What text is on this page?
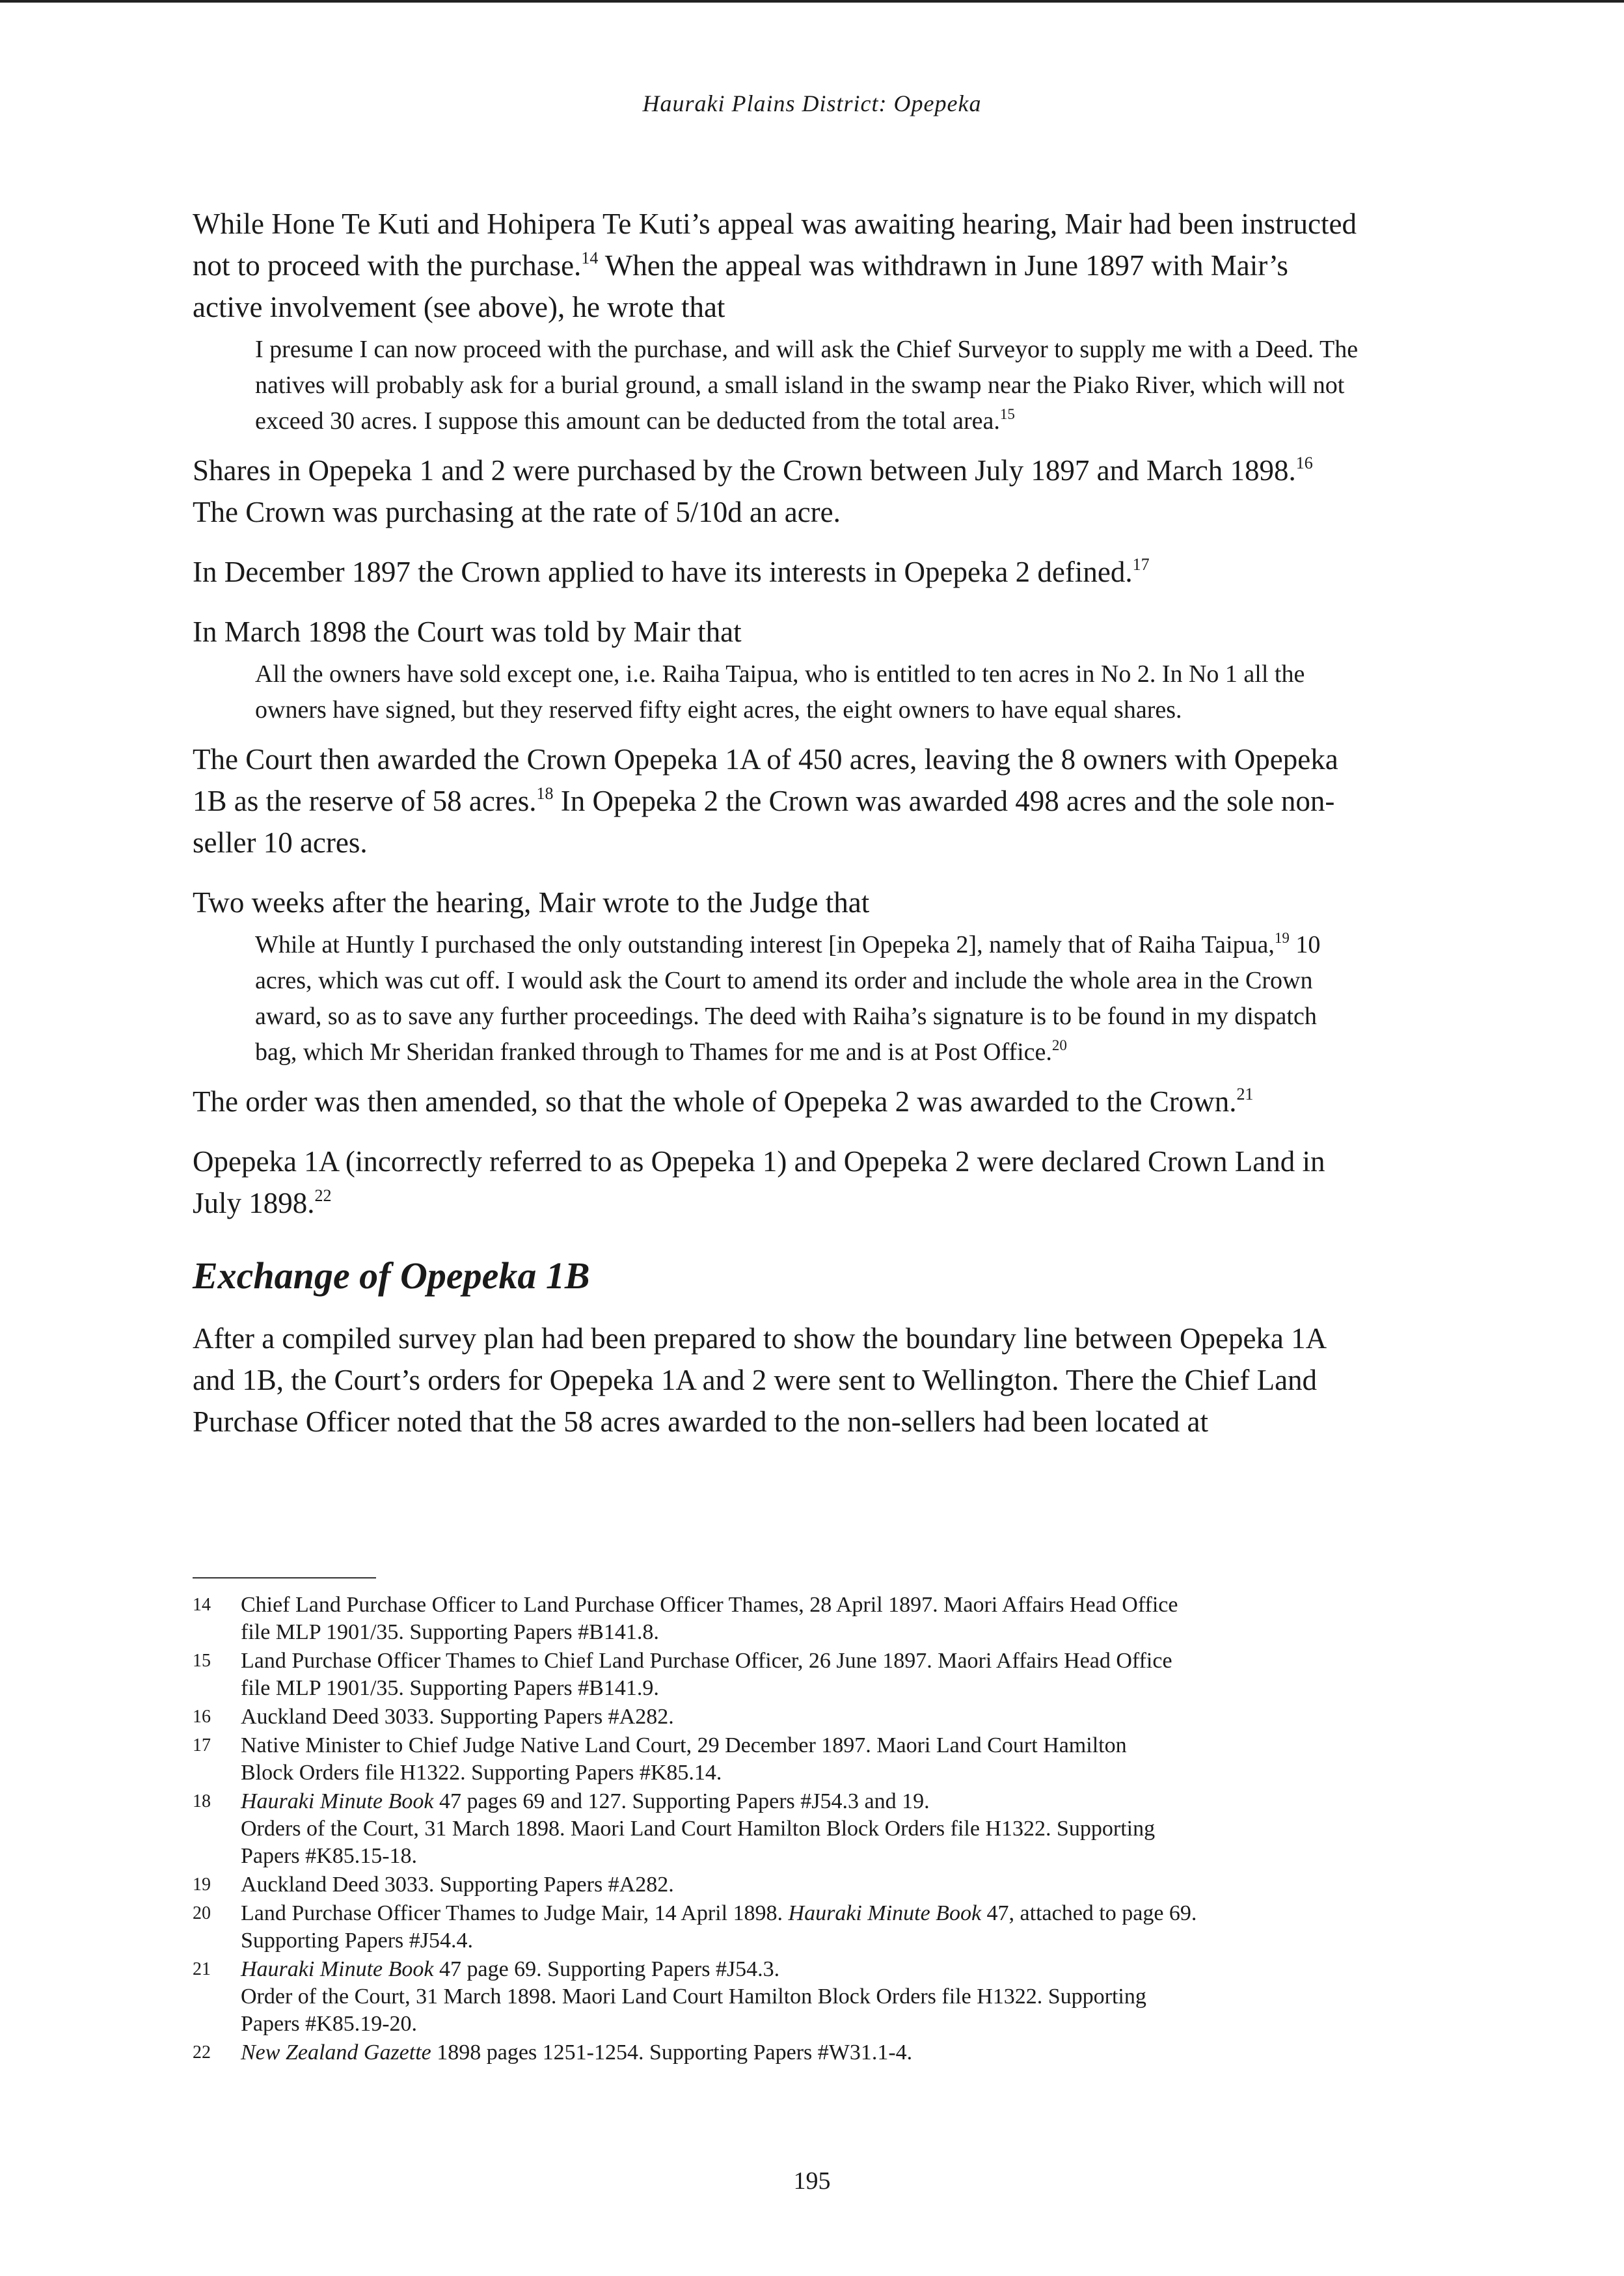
Hauraki Plains District: Opepeka

While Hone Te Kuti and Hohipera Te Kuti’s appeal was awaiting hearing, Mair had been instructed not to proceed with the purchase.$^{14}$ When the appeal was withdrawn in June 1897 with Mair’s active involvement (see above), he wrote that

I presume I can now proceed with the purchase, and will ask the Chief Surveyor to supply me with a Deed. The natives will probably ask for a burial ground, a small island in the swamp near the Piako River, which will not exceed 30 acres. I suppose this amount can be deducted from the total area.$^{15}$

Shares in Opepeka 1 and 2 were purchased by the Crown between July 1897 and March 1898.16 The Crown was purchasing at the rate of 5/10d an acre.

In December 1897 the Crown applied to have its interests in Opepeka 2 defined.$^{17}$

In March 1898 the Court was told by Mair that

All the owners have sold except one, i.e. Raiha Taipua, who is entitled to ten acres in No 2. In No 1 all the owners have signed, but they reserved fifty eight acres, the eight owners to have equal shares.

The Court then awarded the Crown Opepeka 1A of 450 acres, leaving the 8 owners with Opepeka 1B as the reserve of 58 acres.$^{18}$ In Opepeka 2 the Crown was awarded 498 acres and the sole non-seller 10 acres.

Two weeks after the hearing, Mair wrote to the Judge that

While at Huntly I purchased the only outstanding interest [in Opepeka 2], namely that of Raiha Taipua,$^{19}$ 10 acres, which was cut off. I would ask the Court to amend its order and include the whole area in the Crown award, so as to save any further proceedings. The deed with Raiha’s signature is to be found in my dispatch bag, which Mr Sheridan franked through to Thames for me and is at Post Office.$^{20}$

The order was then amended, so that the whole of Opepeka 2 was awarded to the Crown.$^{21}$

Opepeka 1A (incorrectly referred to as Opepeka 1) and Opepeka 2 were declared Crown Land in July 1898.22

Exchange of Opepeka 1B

After a compiled survey plan had been prepared to show the boundary line between Opepeka 1A and 1B, the Court’s orders for Opepeka 1A and 2 were sent to Wellington. There the Chief Land Purchase Officer noted that the 58 acres awarded to the non-sellers had been located at

14	Chief Land Purchase Officer to Land Purchase Officer Thames, 28 April 1897. Maori Affairs Head Office
file MLP 1901/35. Supporting Papers #B141.8.
15	Land Purchase Officer Thames to Chief Land Purchase Officer, 26 June 1897. Maori Affairs Head Office
file MLP 1901/35. Supporting Papers #B141.9.
16	Auckland Deed 3033. Supporting Papers #A282.
17	Native Minister to Chief Judge Native Land Court, 29 December 1897. Maori Land Court Hamilton
Block Orders file H1322. Supporting Papers #K85.14.
18	Hauraki Minute Book 47 pages 69 and 127. Supporting Papers #J54.3 and 19.
Orders of the Court, 31 March 1898. Maori Land Court Hamilton Block Orders file H1322. Supporting
Papers #K85.15-18.
19	Auckland Deed 3033. Supporting Papers #A282.
20	Land Purchase Officer Thames to Judge Mair, 14 April 1898. Hauraki Minute Book 47, attached to page 69.
Supporting Papers #J54.4.
21	Hauraki Minute Book 47 page 69. Supporting Papers #J54.3.
Order of the Court, 31 March 1898. Maori Land Court Hamilton Block Orders file H1322. Supporting
Papers #K85.19-20.
22	New Zealand Gazette 1898 pages 1251-1254. Supporting Papers #W31.1-4.
195
